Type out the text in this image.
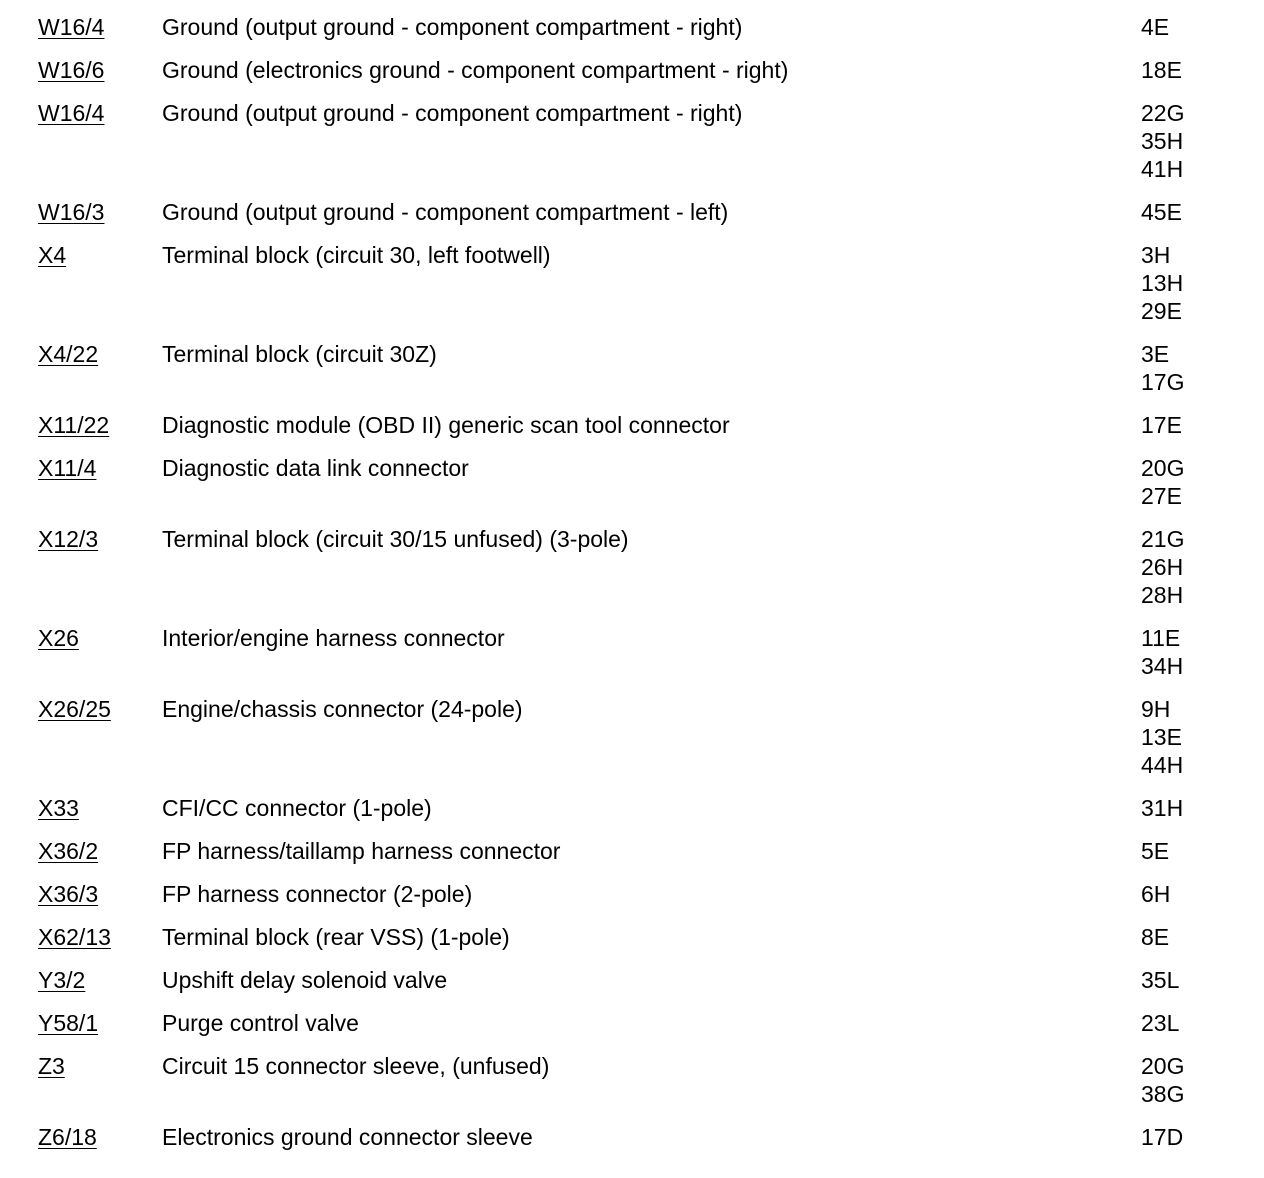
W16/4	Ground (output ground - component compartment - right)	4E
W16/6	Ground (electronics ground - component compartment - right)	18E
W16/4	Ground (output ground - component compartment - right)	22G
35H
41H
W16/3	Ground (output ground - component compartment - left)	45E
X4	Terminal block (circuit 30, left footwell)	3H
13H
29E
X4/22	Terminal block (circuit 30Z)	3E
17G
X11/22 Diagnostic module (OBD II) generic scan tool connector	17E
X11/4	Diagnostic data link connector	20G
27E
X12/3	Terminal block (circuit 30/15 unfused) (3-pole)	21G
26H
28H
X26	Interior/engine harness connector	11E
34H
X26/25 Engine/chassis connector (24-pole)	9H
13E
44H
X33	CFI/CC connector (1-pole)	31H
X36/2	FP harness/taillamp harness connector	5E
X36/3	FP harness connector (2-pole)	6H
X62/13 Terminal block (rear VSS) (1-pole)	8E
Y3/2	Upshift delay solenoid valve	35L
Y58/1	Purge control valve	23L
Z3	Circuit 15 connector sleeve, (unfused)	20G
38G
Z6/18	Electronics ground connector sleeve	17D
